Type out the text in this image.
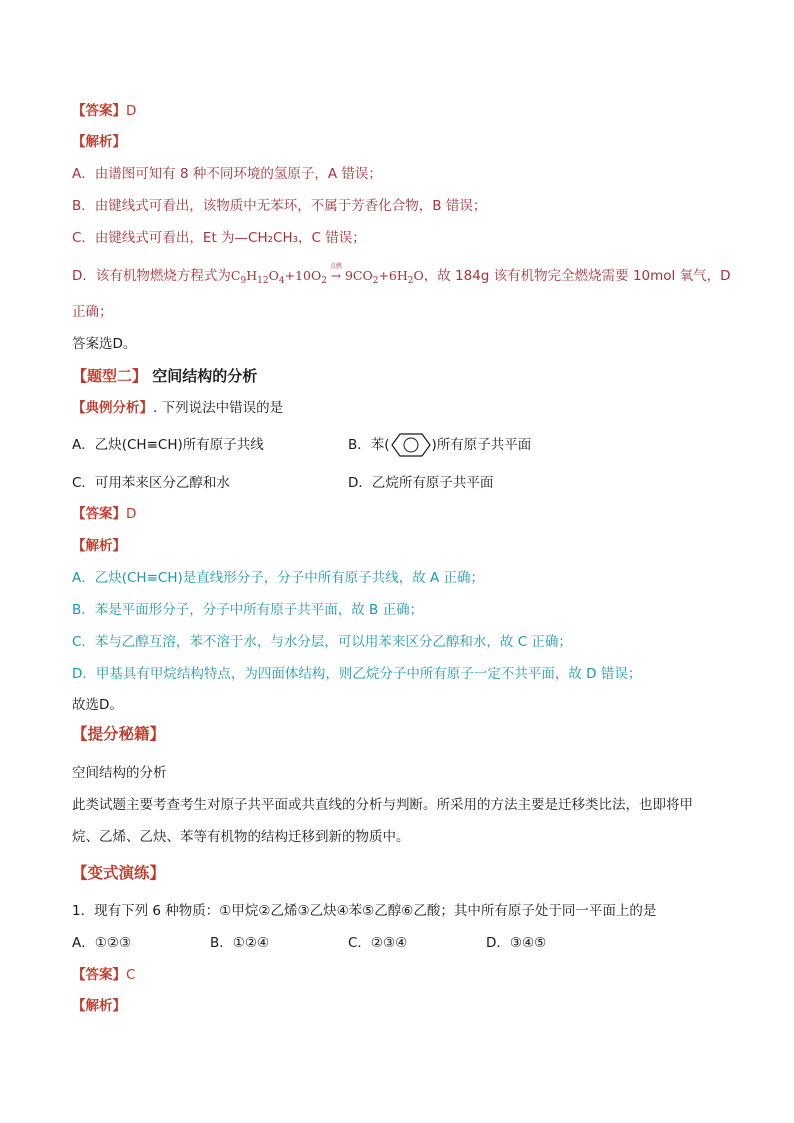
【答案】D
【解析】
A．由谱图可知有 8 种不同环境的氢原子，A 错误；
B．由键线式可看出，该物质中无苯环，不属于芳香化合物，B 错误；
C．由键线式可看出，Et 为—CH₂CH₃，C 错误；
D．该有机物燃烧方程式为$C_9H_{12}O_4+10O_2$
点燃
→ $9CO_2+6H_2O$，故 184g 该有机物完全燃烧需要 10mol 氧气，D
正确；
答案选D。
【题型二】 空间结构的分析
【典例分析】. 下列说法中错误的是
A．乙炔(CH≡CH)所有原子共线	B．苯(	)所有原子共平面
C．可用苯来区分乙醇和水	D．乙烷所有原子共平面
【答案】D
【解析】
A．乙炔(CH≡CH)是直线形分子，分子中所有原子共线，故 A 正确；
B．苯是平面形分子，分子中所有原子共平面，故 B 正确；
C．苯与乙醇互溶，苯不溶于水，与水分层，可以用苯来区分乙醇和水，故 C 正确；
D．甲基具有甲烷结构特点，为四面体结构，则乙烷分子中所有原子一定不共平面，故 D 错误；
故选D。
【提分秘籍】
空间结构的分析
此类试题主要考查考生对原子共平面或共直线的分析与判断。所采用的方法主要是迁移类比法，也即将甲
烷、乙烯、乙炔、苯等有机物的结构迁移到新的物质中。
【变式演练】
1．现有下列 6 种物质：①甲烷②乙烯③乙炔④苯⑤乙醇⑥乙酸；其中所有原子处于同一平面上的是
A．①②③	B．①②④	C．②③④	D．③④⑤
【答案】C
【解析】
